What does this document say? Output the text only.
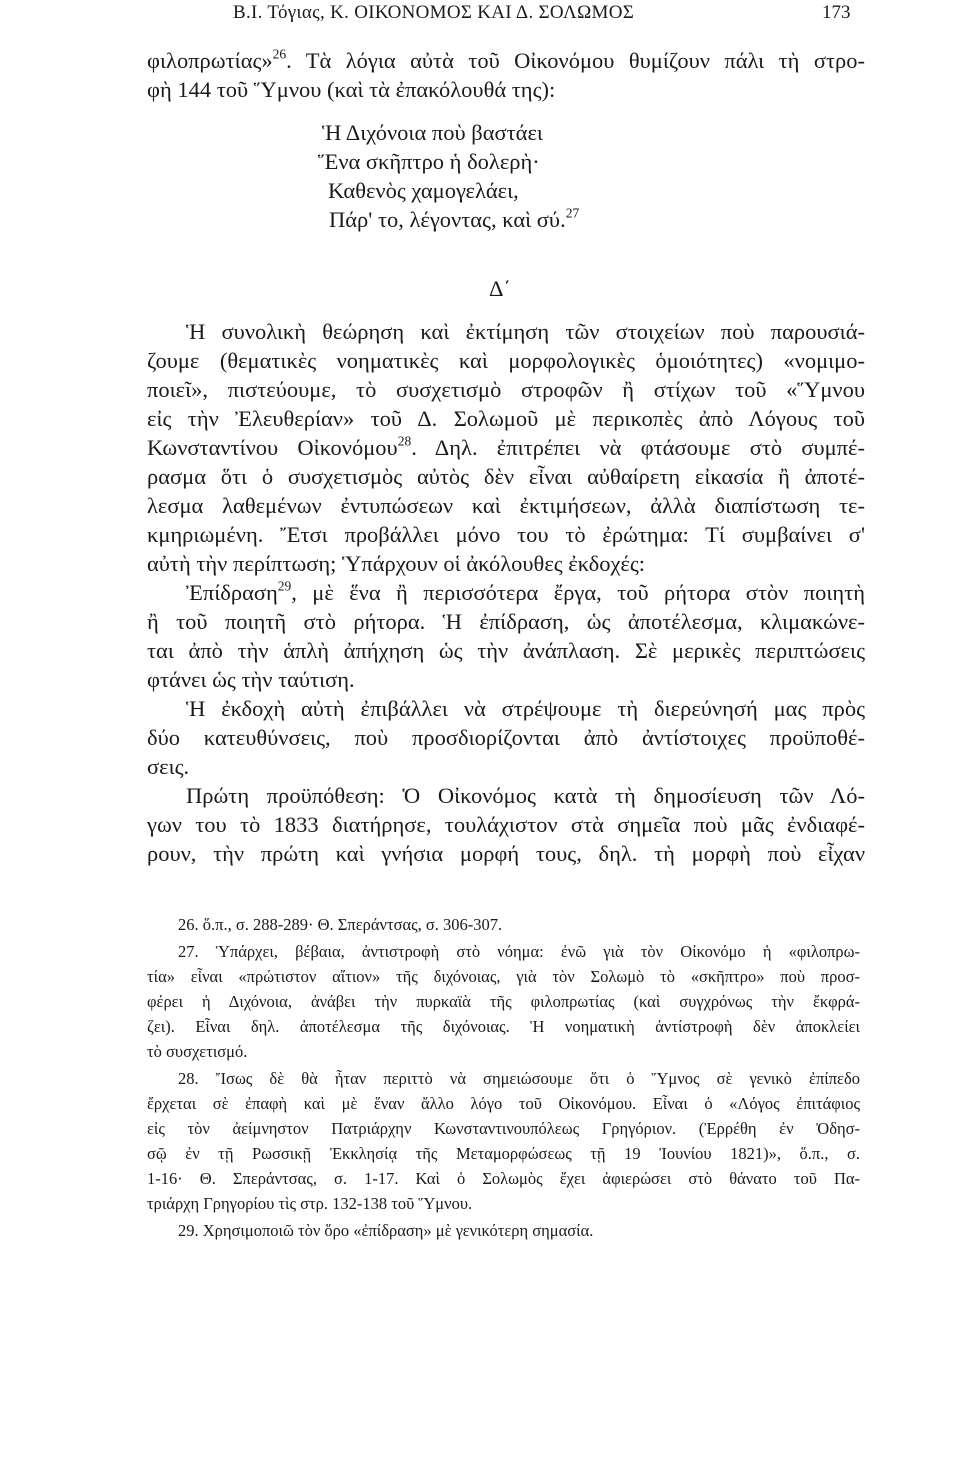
Β.Ι. Τόγιας, Κ. ΟΙΚΟΝΟΜΟΣ ΚΑΙ Δ. ΣΟΛΩΜΟΣ	173
φιλοπρωτίας»$^{26}$. Τὰ λόγια αὐτὰ τοῦ Οἰκονόμου θυμίζουν πάλι τὴ στρο-
φὴ 144 τοῦ Ὕμνου (καὶ τὰ ἐπακόλουθά της):
Ἡ Διχόνοια ποὺ βαστάει
Ἕνα σκῆπτρο ἡ δολερὴ·
Καθενὸς χαμογελάει,
Πάρ' το, λέγοντας, καὶ σύ.$^{27}$
Δ΄
Ἡ συνολικὴ θεώρηση καὶ ἐκτίμηση τῶν στοιχείων ποὺ παρουσιά-
ζουμε (θεματικὲς νοηματικὲς καὶ μορφολογικὲς ὁμοιότητες) «νομιμο-
ποιεῖ», πιστεύουμε, τὸ συσχετισμὸ στροφῶν ἢ στίχων τοῦ «Ὕμνου
εἰς τὴν Ἐλευθερίαν» τοῦ Δ. Σολωμοῦ μὲ περικοπὲς ἀπὸ Λόγους τοῦ
Κωνσταντίνου Οἰκονόμου$^{28}$. Δηλ. ἐπιτρέπει νὰ φτάσουμε στὸ συμπέ-
ρασμα ὅτι ὁ συσχετισμὸς αὐτὸς δὲν εἶναι αὐθαίρετη εἰκασία ἢ ἀποτέ-
λεσμα λαθεμένων ἐντυπώσεων καὶ ἐκτιμήσεων, ἀλλὰ διαπίστωση τε-
κμηριωμένη. Ἔτσι προβάλλει μόνο του τὸ ἐρώτημα: Τί συμβαίνει σ'
αὐτὴ τὴν περίπτωση; Ὑπάρχουν οἱ ἀκόλουθες ἐκδοχές:
Ἐπίδραση$^{29}$, μὲ ἕνα ἢ περισσότερα ἔργα, τοῦ ρήτορα στὸν ποιητὴ
ἢ τοῦ ποιητῆ στὸ ρήτορα. Ἡ ἐπίδραση, ὡς ἀποτέλεσμα, κλιμακώνε-
ται ἀπὸ τὴν ἁπλὴ ἀπήχηση ὡς τὴν ἀνάπλαση. Σὲ μερικὲς περιπτώσεις
φτάνει ὡς τὴν ταύτιση.
Ἡ ἐκδοχὴ αὐτὴ ἐπιβάλλει νὰ στρέψουμε τὴ διερεύνησή μας πρὸς
δύο κατευθύνσεις, ποὺ προσδιορίζονται ἀπὸ ἀντίστοιχες προϋποθέ-
σεις.
Πρώτη προϋπόθεση: Ὁ Οἰκονόμος κατὰ τὴ δημοσίευση τῶν Λό-
γων του τὸ 1833 διατήρησε, τουλάχιστον στὰ σημεῖα ποὺ μᾶς ἐνδιαφέ-
ρουν, τὴν πρώτη καὶ γνήσια μορφή τους, δηλ. τὴ μορφὴ ποὺ εἶχαν
26. ὅ.π., σ. 288-289· Θ. Σπεράντσας, σ. 306-307.
27. Ὑπάρχει, βέβαια, ἀντιστροφὴ στὸ νόημα: ἐνῶ γιὰ τὸν Οἰκονόμο ἡ «φιλοπρω-
τία» εἶναι «πρώτιστον αἴτιον» τῆς διχόνοιας, γιὰ τὸν Σολωμὸ τὸ «σκῆπτρο» ποὺ προσ-
φέρει ἡ Διχόνοια, ἀνάβει τὴν πυρκαϊὰ τῆς φιλοπρωτίας (καὶ συγχρόνως τὴν ἔκφρά-
ζει). Εἶναι δηλ. ἀποτέλεσμα τῆς διχόνοιας. Ἡ νοηματικὴ ἀντίστροφὴ δὲν ἀποκλείει
τὸ συσχετισμό.
28. Ἴσως δὲ θὰ ἦταν περιττὸ νὰ σημειώσουμε ὅτι ὁ Ὕμνος σὲ γενικὸ ἐπίπεδο
ἔρχεται σὲ ἐπαφὴ καὶ μὲ ἕναν ἄλλο λόγο τοῦ Οἰκονόμου. Εἶναι ὁ «Λόγος ἐπιτάφιος
εἰς τὸν ἀείμνηστον Πατριάρχην Κωνσταντινουπόλεως Γρηγόριον. (Ἐρρέθη ἐν Ὀδησ-
σῷ ἐν τῇ Ρωσσικῇ Ἐκκλησίᾳ τῆς Μεταμορφώσεως τῇ 19 Ἰουνίου 1821)», ὅ.π., σ.
1-16· Θ. Σπεράντσας, σ. 1-17. Καὶ ὁ Σολωμὸς ἔχει ἀφιερώσει στὸ θάνατο τοῦ Πα-
τριάρχη Γρηγορίου τὶς στρ. 132-138 τοῦ Ὕμνου.
29. Χρησιμοποιῶ τὸν ὅρο «ἐπίδραση» μὲ γενικότερη σημασία.
